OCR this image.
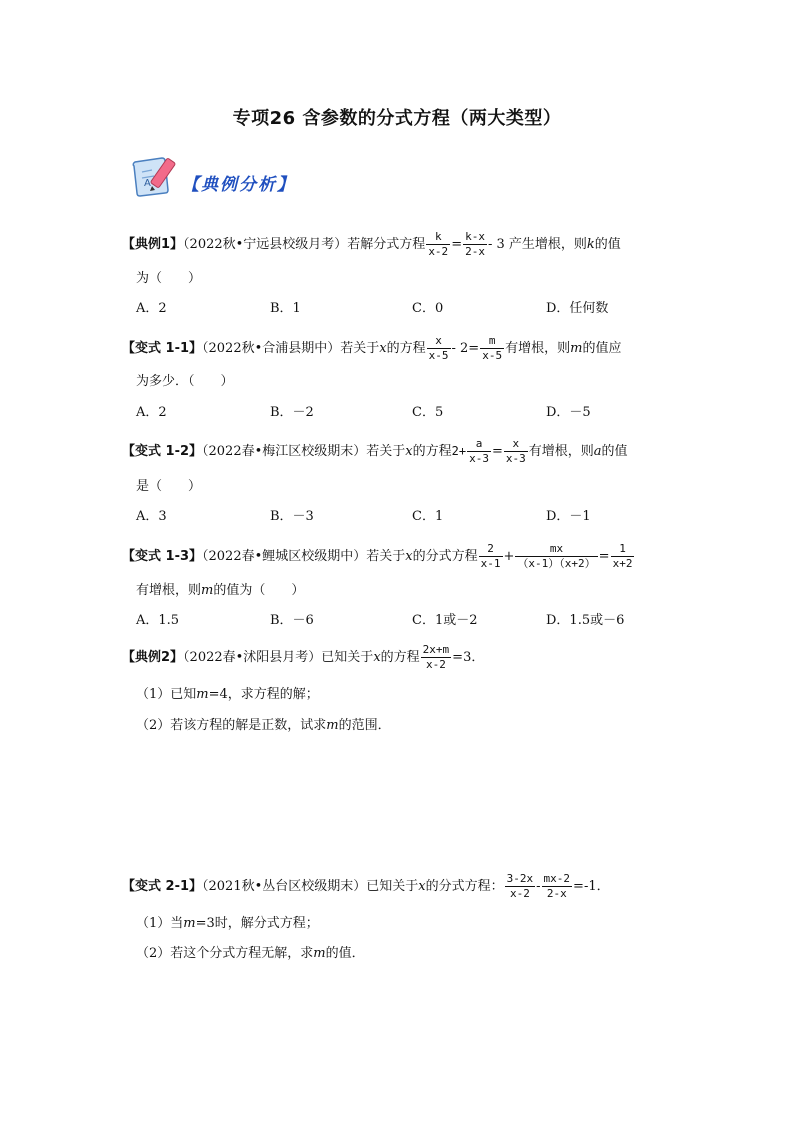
专项26 含参数的分式方程（两大类型）
A 【典例分析】
【典例1】（2022秋•宁远县校级月考）若解分式方程 $\frac{k}{x-2} = \frac{k-x}{2-x} - 3$ 产生增根，则k的值
为（　　）
A．2	B．1	C．0	D．任何数
【变式 1-1】（2022秋•合浦县期中）若关于x的方程 $\frac{x}{x-5} - 2= \frac{m}{x-5}$ 有增根，则m的值应
为多少．（　　）
A．2	B．－2	C．5	D．－5
【变式 1-2】（2022春•梅江区校级期末）若关于x的方程$2+ \frac{a}{x-3} = \frac{x}{x-3}$ 有增根，则a的值
是（　　）
A．3	B．－3	C．1	D．－1
【变式 1-3】（2022春•鲤城区校级期中）若关于x的分式方程 $\frac{2}{x-1} + \frac{mx}{(x-1)(x+2)} = \frac{1}{x+2}$
有增根，则m的值为（　　）
A．1.5	B．－6	C．1或－2	D．1.5或－6
【典例2】（2022春•沭阳县月考）已知关于x的方程 $\frac{2x+m}{x-2} =3$．
（1）已知m=4，求方程的解；
（2）若该方程的解是正数，试求m的范围．
【变式 2-1】（2021秋•丛台区校级期末）已知关于x的分式方程： $\frac{3-2x}{x-2} - \frac{mx-2}{2-x} =-1$．
（1）当m=3时，解分式方程；
（2）若这个分式方程无解，求m的值．
